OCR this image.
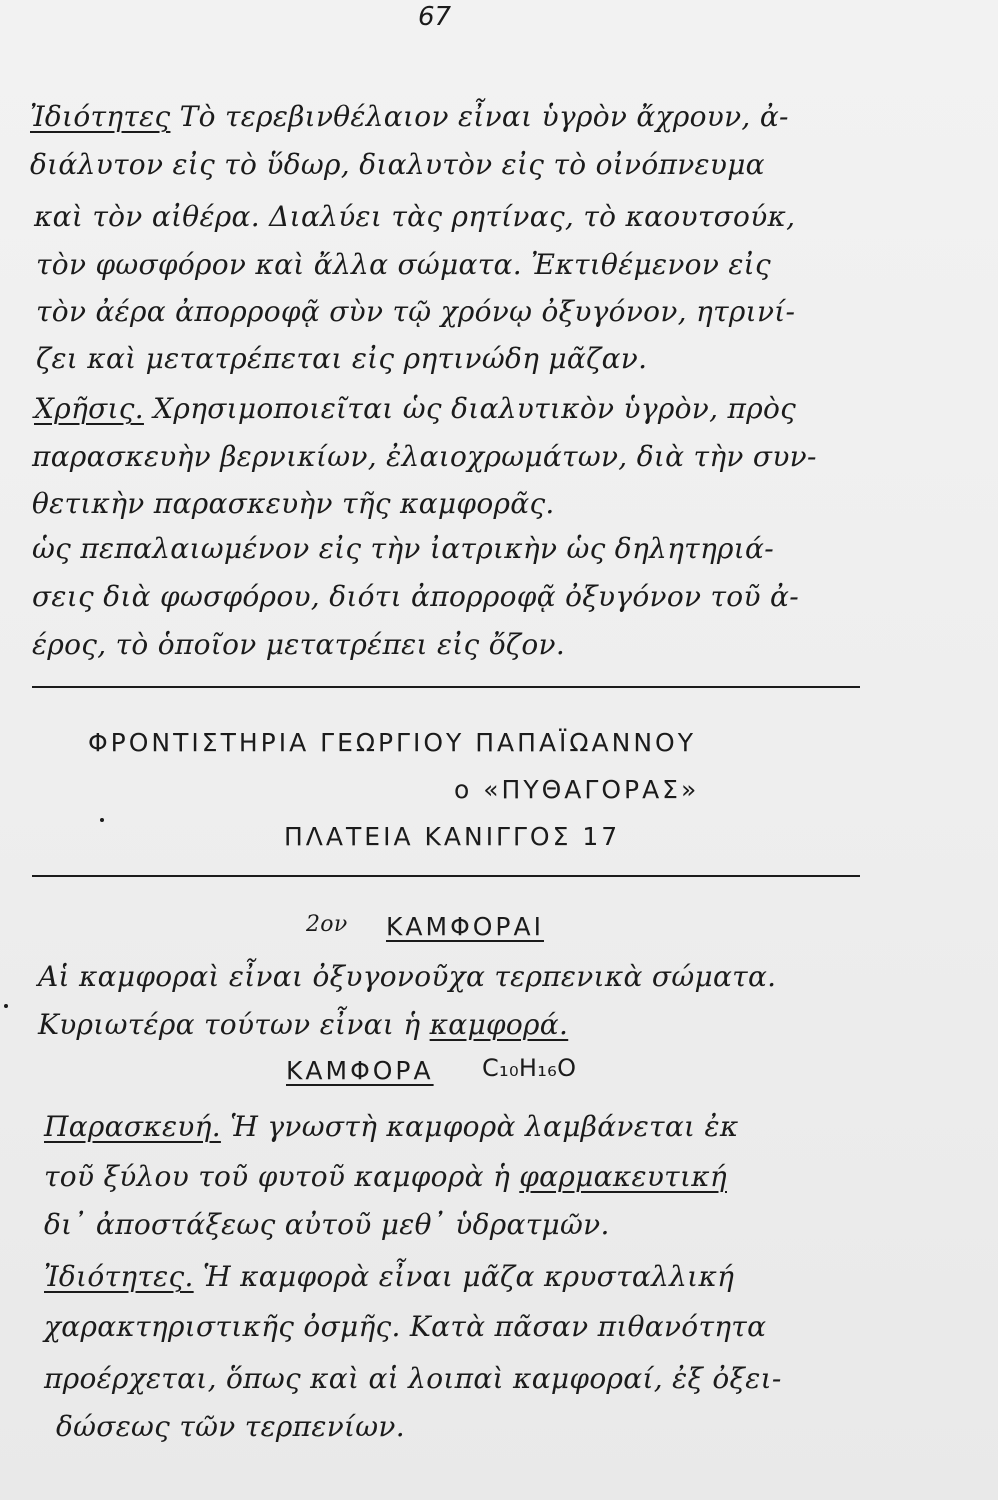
67
Ἰδιότητες Τὸ τερεβινθέλαιον εἶναι ὑγρὸν ἄχρουν, ἀ-
διάλυτον εἰς τὸ ὕδωρ, διαλυτὸν εἰς τὸ οἰνόπνευμα
καὶ τὸν αἰθέρα. Διαλύει τὰς ρητίνας, τὸ καουτσούκ,
τὸν φωσφόρον καὶ ἄλλα σώματα. Ἐκτιθέμενον εἰς
τὸν ἀέρα ἀπορροφᾷ σὺν τῷ χρόνῳ ὀξυγόνον, ητρινί-
ζει καὶ μετατρέπεται εἰς ρητινώδη μᾶζαν.
Χρῆσις. Χρησιμοποιεῖται ὡς διαλυτικὸν ὑγρὸν, πρὸς
παρασκευὴν βερνικίων, ἐλαιοχρωμάτων, διὰ τὴν συν-
θετικὴν παρασκευὴν τῆς καμφορᾶς.
ὡς πεπαλαιωμένον εἰς τὴν ἰατρικὴν ὡς δηλητηριά-
σεις διὰ φωσφόρου, διότι ἀπορροφᾷ ὀξυγόνον τοῦ ἀ-
έρος, τὸ ὁποῖον μετατρέπει εἰς ὄζον.
ΦΡΟΝΤΙΣΤΗΡΙΑ ΓΕΩΡΓΙΟΥ ΠΑΠΑΪΩΑΝΝΟΥ
ο «ΠΥΘΑΓΟΡΑΣ»
ΠΛΑΤΕΙΑ ΚΑΝΙΓΓΟΣ 17
2ον ΚΑΜΦΟΡΑΙ
Αἱ καμφοραὶ εἶναι ὀξυγονοῦχα τερπενικὰ σώματα.
Κυριωτέρα τούτων εἶναι ἡ καμφορά.
ΚΑΜΦΟΡΑ C₁₀H₁₆O
Παρασκευή. Ἡ γνωστὴ καμφορὰ λαμβάνεται ἐκ
τοῦ ξύλου τοῦ φυτοῦ καμφορὰ ἡ φαρμακευτική
δι᾽ ἀποστάξεως αὐτοῦ μεθ᾽ ὑδρατμῶν.
Ἰδιότητες. Ἡ καμφορὰ εἶναι μᾶζα κρυσταλλική
χαρακτηριστικῆς ὀσμῆς. Κατὰ πᾶσαν πιθανότητα
προέρχεται, ὅπως καὶ αἱ λοιπαὶ καμφοραί, ἐξ ὀξει-
δώσεως τῶν τερπενίων.
